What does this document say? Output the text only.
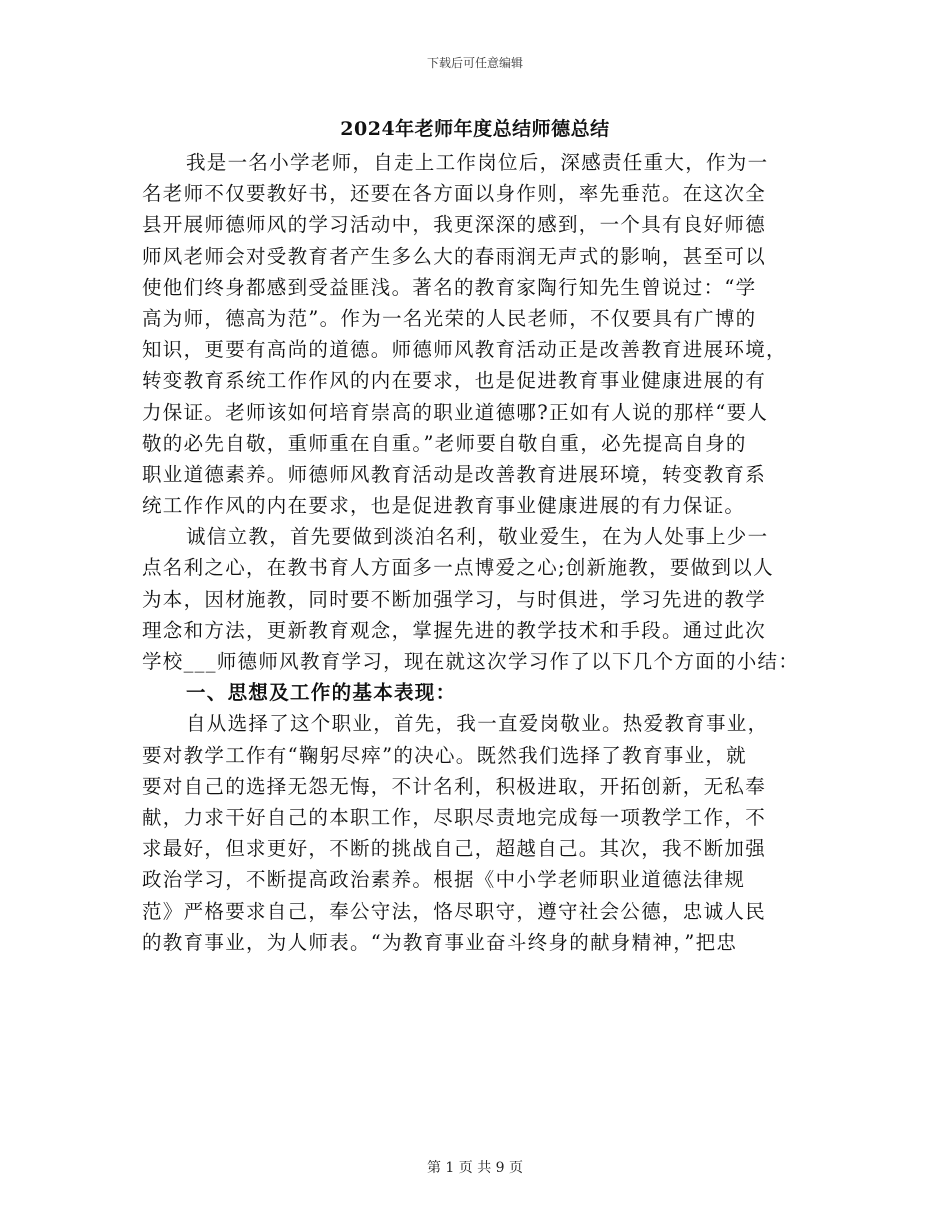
下载后可任意编辑
2024年老师年度总结师德总结
我是一名小学老师，自走上工作岗位后，深感责任重大，作为一
名老师不仅要教好书，还要在各方面以身作则，率先垂范。在这次全
县开展师德师风的学习活动中，我更深深的感到，一个具有良好师德
师风老师会对受教育者产生多么大的春雨润无声式的影响，甚至可以
使他们终身都感到受益匪浅。著名的教育家陶行知先生曾说过：“学
高为师，德高为范”。作为一名光荣的人民老师，不仅要具有广博的
知识，更要有高尚的道德。师德师风教育活动正是改善教育进展环境，
转变教育系统工作作风的内在要求，也是促进教育事业健康进展的有
力保证。老师该如何培育崇高的职业道德哪?正如有人说的那样“要人
敬的必先自敬，重师重在自重。”老师要自敬自重，必先提高自身的
职业道德素养。师德师风教育活动是改善教育进展环境，转变教育系
统工作作风的内在要求，也是促进教育事业健康进展的有力保证。
诚信立教，首先要做到淡泊名利，敬业爱生，在为人处事上少一
点名利之心，在教书育人方面多一点博爱之心;创新施教，要做到以人
为本，因材施教，同时要不断加强学习，与时俱进，学习先进的教学
理念和方法，更新教育观念，掌握先进的教学技术和手段。通过此次
学校___师德师风教育学习，现在就这次学习作了以下几个方面的小结：
一、思想及工作的基本表现：
自从选择了这个职业，首先，我一直爱岗敬业。热爱教育事业，
要对教学工作有“鞠躬尽瘁”的决心。既然我们选择了教育事业，就
要对自己的选择无怨无悔，不计名利，积极进取，开拓创新，无私奉
献，力求干好自己的本职工作，尽职尽责地完成每一项教学工作，不
求最好，但求更好，不断的挑战自己，超越自己。其次，我不断加强
政治学习，不断提高政治素养。根据《中小学老师职业道德法律规
范》严格要求自己，奉公守法，恪尽职守，遵守社会公德，忠诚人民
的教育事业，为人师表。“为教育事业奋斗终身的献身精神，”把忠
第 1 页 共 9 页
